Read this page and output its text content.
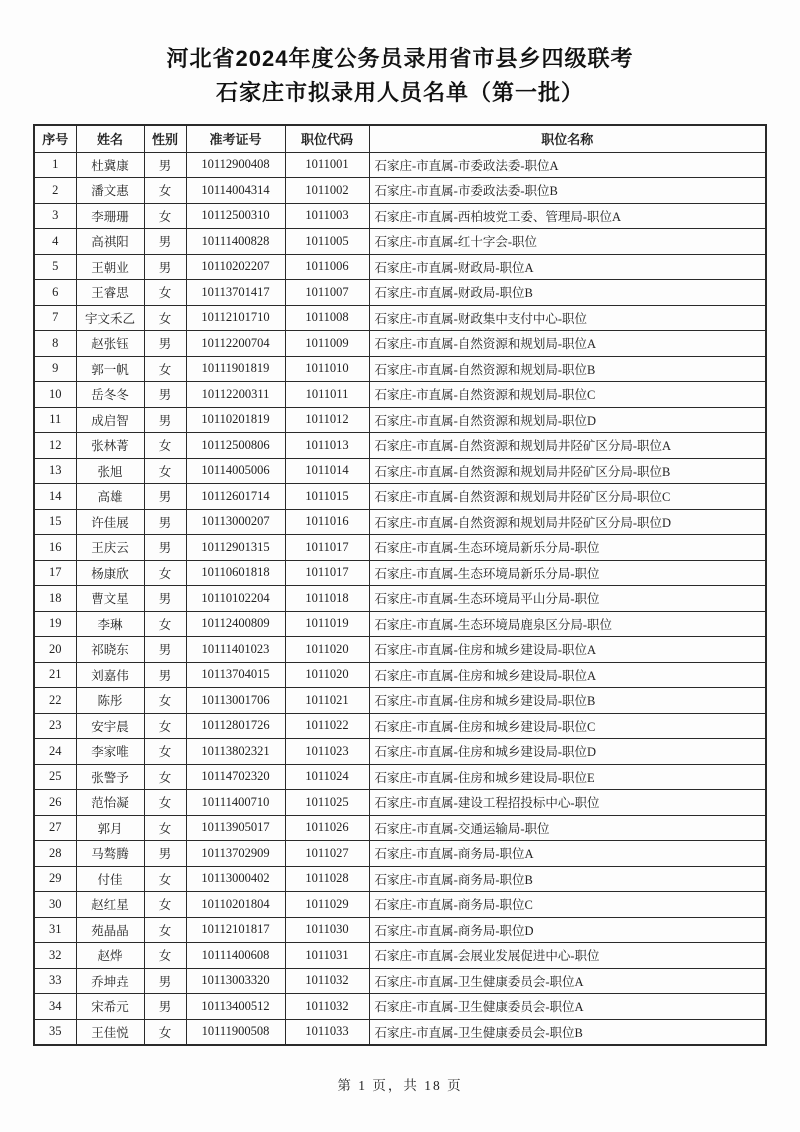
河北省2024年度公务员录用省市县乡四级联考
石家庄市拟录用人员名单（第一批）
序号	姓名	性别	准考证号	职位代码	职位名称
1	杜冀康	男	10112900408	1011001	石家庄-市直属-市委政法委-职位A
2	潘文惠	女	10114004314	1011002	石家庄-市直属-市委政法委-职位B
3	李珊珊	女	10112500310	1011003	石家庄-市直属-西柏坡党工委、管理局-职位A
4	高祺阳	男	10111400828	1011005	石家庄-市直属-红十字会-职位
5	王朝业	男	10110202207	1011006	石家庄-市直属-财政局-职位A
6	王睿思	女	10113701417	1011007	石家庄-市直属-财政局-职位B
7	宇文禾乙	女	10112101710	1011008	石家庄-市直属-财政集中支付中心-职位
8	赵张钰	男	10112200704	1011009	石家庄-市直属-自然资源和规划局-职位A
9	郭一帆	女	10111901819	1011010	石家庄-市直属-自然资源和规划局-职位B
10	岳冬冬	男	10112200311	1011011	石家庄-市直属-自然资源和规划局-职位C
11	成启智	男	10110201819	1011012	石家庄-市直属-自然资源和规划局-职位D
12	张林菁	女	10112500806	1011013	石家庄-市直属-自然资源和规划局井陉矿区分局-职位A
13	张旭	女	10114005006	1011014	石家庄-市直属-自然资源和规划局井陉矿区分局-职位B
14	高雄	男	10112601714	1011015	石家庄-市直属-自然资源和规划局井陉矿区分局-职位C
15	许佳展	男	10113000207	1011016	石家庄-市直属-自然资源和规划局井陉矿区分局-职位D
16	王庆云	男	10112901315	1011017	石家庄-市直属-生态环境局新乐分局-职位
17	杨康欣	女	10110601818	1011017	石家庄-市直属-生态环境局新乐分局-职位
18	曹文星	男	10110102204	1011018	石家庄-市直属-生态环境局平山分局-职位
19	李琳	女	10112400809	1011019	石家庄-市直属-生态环境局鹿泉区分局-职位
20	祁晓东	男	10111401023	1011020	石家庄-市直属-住房和城乡建设局-职位A
21	刘嘉伟	男	10113704015	1011020	石家庄-市直属-住房和城乡建设局-职位A
22	陈彤	女	10113001706	1011021	石家庄-市直属-住房和城乡建设局-职位B
23	安宇晨	女	10112801726	1011022	石家庄-市直属-住房和城乡建设局-职位C
24	李家唯	女	10113802321	1011023	石家庄-市直属-住房和城乡建设局-职位D
25	张警予	女	10114702320	1011024	石家庄-市直属-住房和城乡建设局-职位E
26	范怡凝	女	10111400710	1011025	石家庄-市直属-建设工程招投标中心-职位
27	郭月	女	10113905017	1011026	石家庄-市直属-交通运输局-职位
28	马骜腾	男	10113702909	1011027	石家庄-市直属-商务局-职位A
29	付佳	女	10113000402	1011028	石家庄-市直属-商务局-职位B
30	赵红星	女	10110201804	1011029	石家庄-市直属-商务局-职位C
31	苑晶晶	女	10112101817	1011030	石家庄-市直属-商务局-职位D
32	赵烨	女	10111400608	1011031	石家庄-市直属-会展业发展促进中心-职位
33	乔坤垚	男	10113003320	1011032	石家庄-市直属-卫生健康委员会-职位A
34	宋希元	男	10113400512	1011032	石家庄-市直属-卫生健康委员会-职位A
35	王佳悦	女	10111900508	1011033	石家庄-市直属-卫生健康委员会-职位B
第 1 页，共 18 页
